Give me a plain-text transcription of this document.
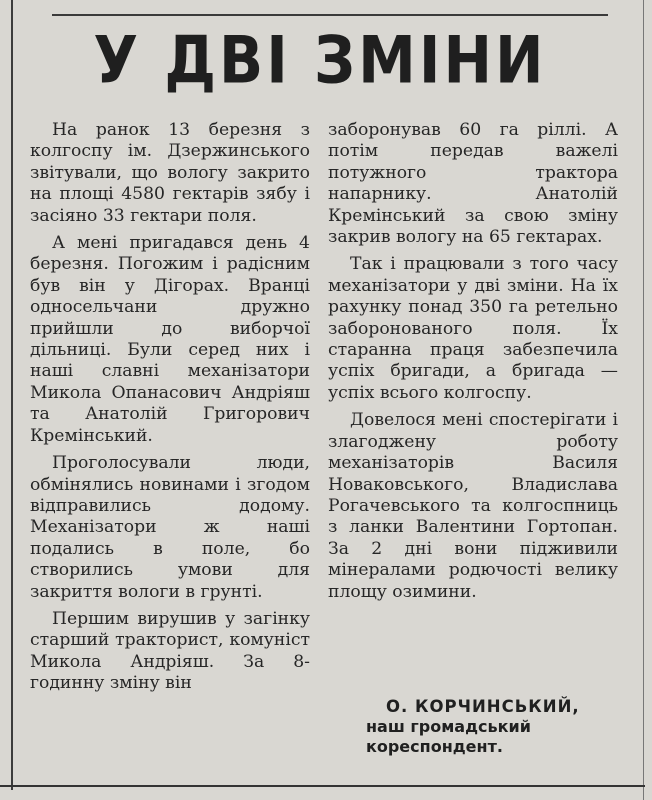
У ДВІ ЗМІНИ

На ранок 13 березня з колгоспу ім. Дзержинського звітували, що вологу закрито на площі 4580 гектарів зябу і засіяно 33 гектари поля.

А мені пригадався день 4 березня. Погожим і радісним був він у Дігорах. Вранці односельчани дружно прийшли до виборчої дільниці. Були серед них і наші славні механізатори Микола Опанасович Андріяш та Анатолій Григорович Кремінський.

Проголосували люди, обмінялись новинами і згодом відправились додому. Механізатори ж наші подались в поле, бо створились умови для закриття вологи в грунті.

Першим вирушив у загінку старший тракторист, комуніст Микола Андріяш. За 8-годинну зміну він

заборонував 60 га ріллі. А потім передав важелі потужного трактора напарнику. Анатолій Кремінський за свою зміну закрив вологу на 65 гектарах.

Так і працювали з того часу механізатори у дві зміни. На їх рахунку понад 350 га ретельно заборонованого поля. Їх старанна праця забезпечила успіх бригади, а бригада — успіх всього колгоспу.

Довелося мені спостерігати і злагоджену роботу механізаторів Василя Новаковського, Владислава Рогачевського та колгоспниць з ланки Валентини Гортопан. За 2 дні вони підживили мінералами родючості велику площу озимини.

О. КОРЧИНСЬКИЙ,
наш громадський кореспондент.
